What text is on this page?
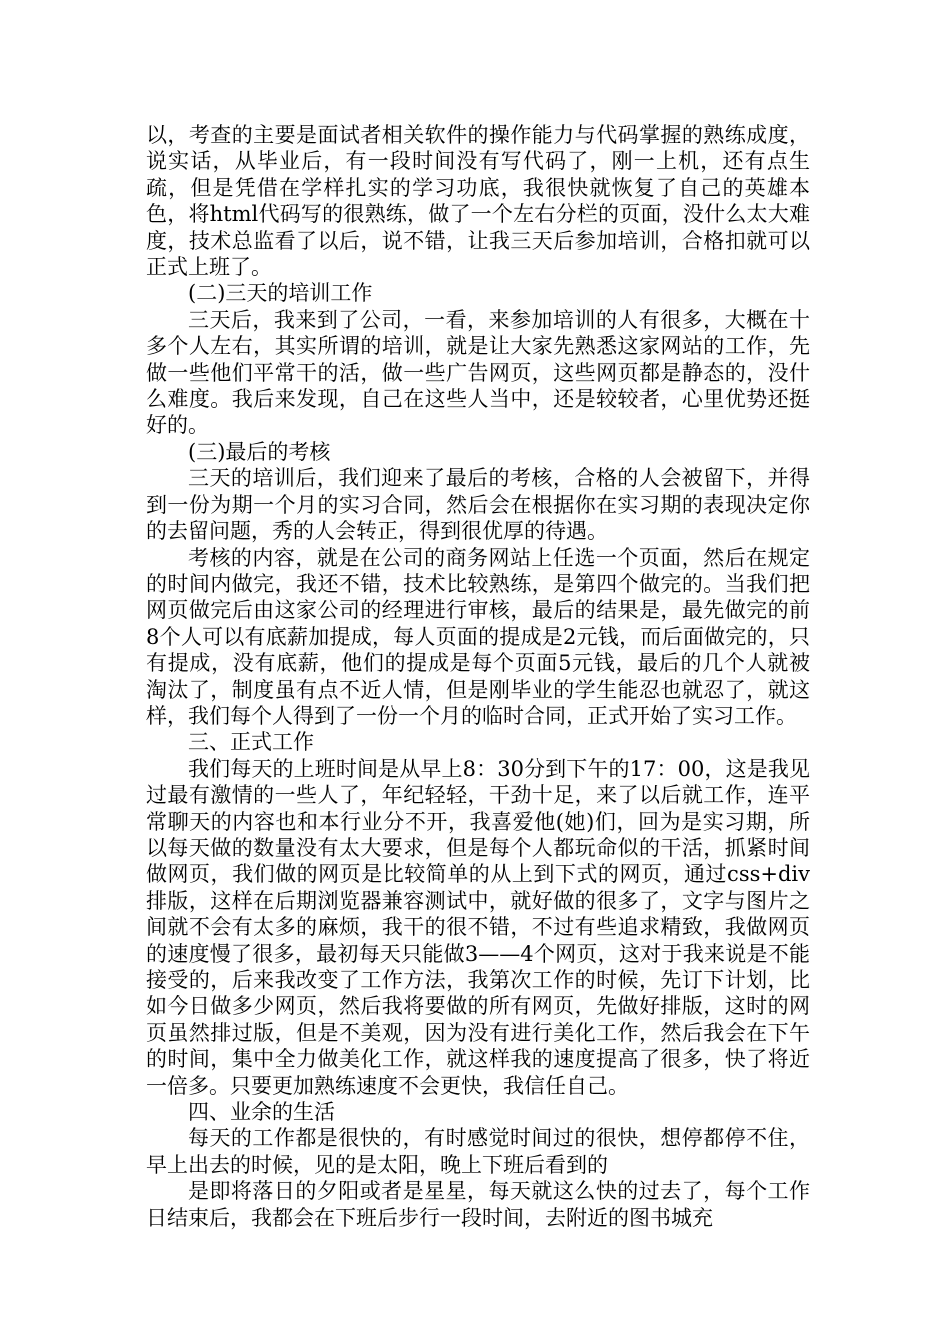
以，考查的主要是面试者相关软件的操作能力与代码掌握的熟练成度，说实话，从毕业后，有一段时间没有写代码了，刚一上机，还有点生疏，但是凭借在学样扎实的学习功底，我很快就恢复了自己的英雄本色，将html代码写的很熟练，做了一个左右分栏的页面，没什么太大难度，技术总监看了以后，说不错，让我三天后参加培训，合格扣就可以正式上班了。

(二)三天的培训工作

三天后，我来到了公司，一看，来参加培训的人有很多，大概在十多个人左右，其实所谓的培训，就是让大家先熟悉这家网站的工作，先做一些他们平常干的活，做一些广告网页，这些网页都是静态的，没什么难度。我后来发现，自己在这些人当中，还是较较者，心里优势还挺好的。

(三)最后的考核

三天的培训后，我们迎来了最后的考核，合格的人会被留下，并得到一份为期一个月的实习合同，然后会在根据你在实习期的表现决定你的去留问题，秀的人会转正，得到很优厚的待遇。

考核的内容，就是在公司的商务网站上任选一个页面，然后在规定的时间内做完，我还不错，技术比较熟练，是第四个做完的。当我们把网页做完后由这家公司的经理进行审核，最后的结果是，最先做完的前8个人可以有底薪加提成，每人页面的提成是2元钱，而后面做完的，只有提成，没有底薪，他们的提成是每个页面5元钱，最后的几个人就被淘汰了，制度虽有点不近人情，但是刚毕业的学生能忍也就忍了，就这样，我们每个人得到了一份一个月的临时合同，正式开始了实习工作。

三、正式工作

我们每天的上班时间是从早上8：30分到下午的17：00，这是我见过最有激情的一些人了，年纪轻轻，干劲十足，来了以后就工作，连平常聊天的内容也和本行业分不开，我喜爱他(她)们，回为是实习期，所以每天做的数量没有太大要求，但是每个人都玩命似的干活，抓紧时间做网页，我们做的网页是比较简单的从上到下式的网页，通过css+div排版，这样在后期浏览器兼容测试中，就好做的很多了，文字与图片之间就不会有太多的麻烦，我干的很不错，不过有些追求精致，我做网页的速度慢了很多，最初每天只能做3——4个网页，这对于我来说是不能接受的，后来我改变了工作方法，我第次工作的时候，先订下计划，比如今日做多少网页，然后我将要做的所有网页，先做好排版，这时的网页虽然排过版，但是不美观，因为没有进行美化工作，然后我会在下午的时间，集中全力做美化工作，就这样我的速度提高了很多，快了将近一倍多。只要更加熟练速度不会更快，我信任自己。

四、业余的生活

每天的工作都是很快的，有时感觉时间过的很快，想停都停不住，早上出去的时候，见的是太阳，晚上下班后看到的

是即将落日的夕阳或者是星星，每天就这么快的过去了，每个工作日结束后，我都会在下班后步行一段时间，去附近的图书城充
